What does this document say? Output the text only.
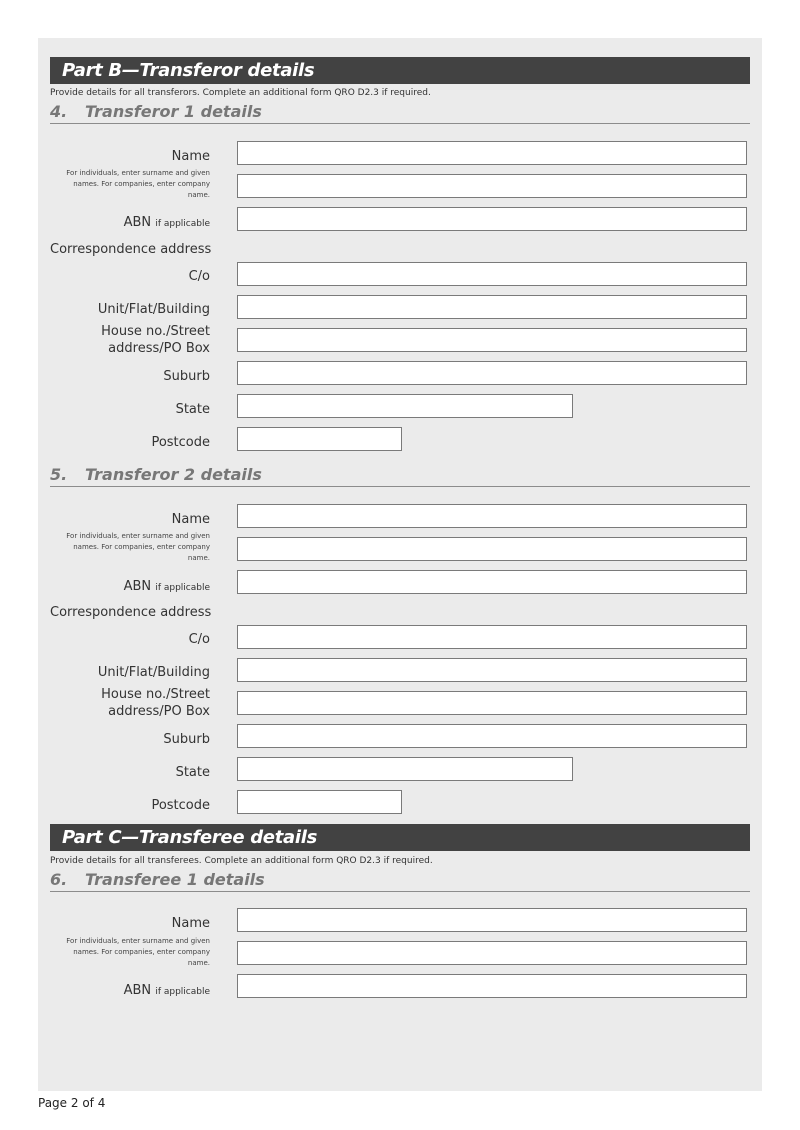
Part B—Transferor details
Provide details for all transferors. Complete an additional form QRO D2.3 if required.
4. Transferor 1 details
Name
For individuals, enter surname and given names. For companies, enter company name.
ABN if applicable
Correspondence address
C/o
Unit/Flat/Building
House no./Street
address/PO Box
Suburb
State
Postcode
5. Transferor 2 details
Name
For individuals, enter surname and given names. For companies, enter company name.
ABN if applicable
Correspondence address
C/o
Unit/Flat/Building
House no./Street
address/PO Box
Suburb
State
Postcode
Part C—Transferee details
Provide details for all transferees. Complete an additional form QRO D2.3 if required.
6. Transferee 1 details
Name
For individuals, enter surname and given names. For companies, enter company name.
ABN if applicable
Page 2 of 4
